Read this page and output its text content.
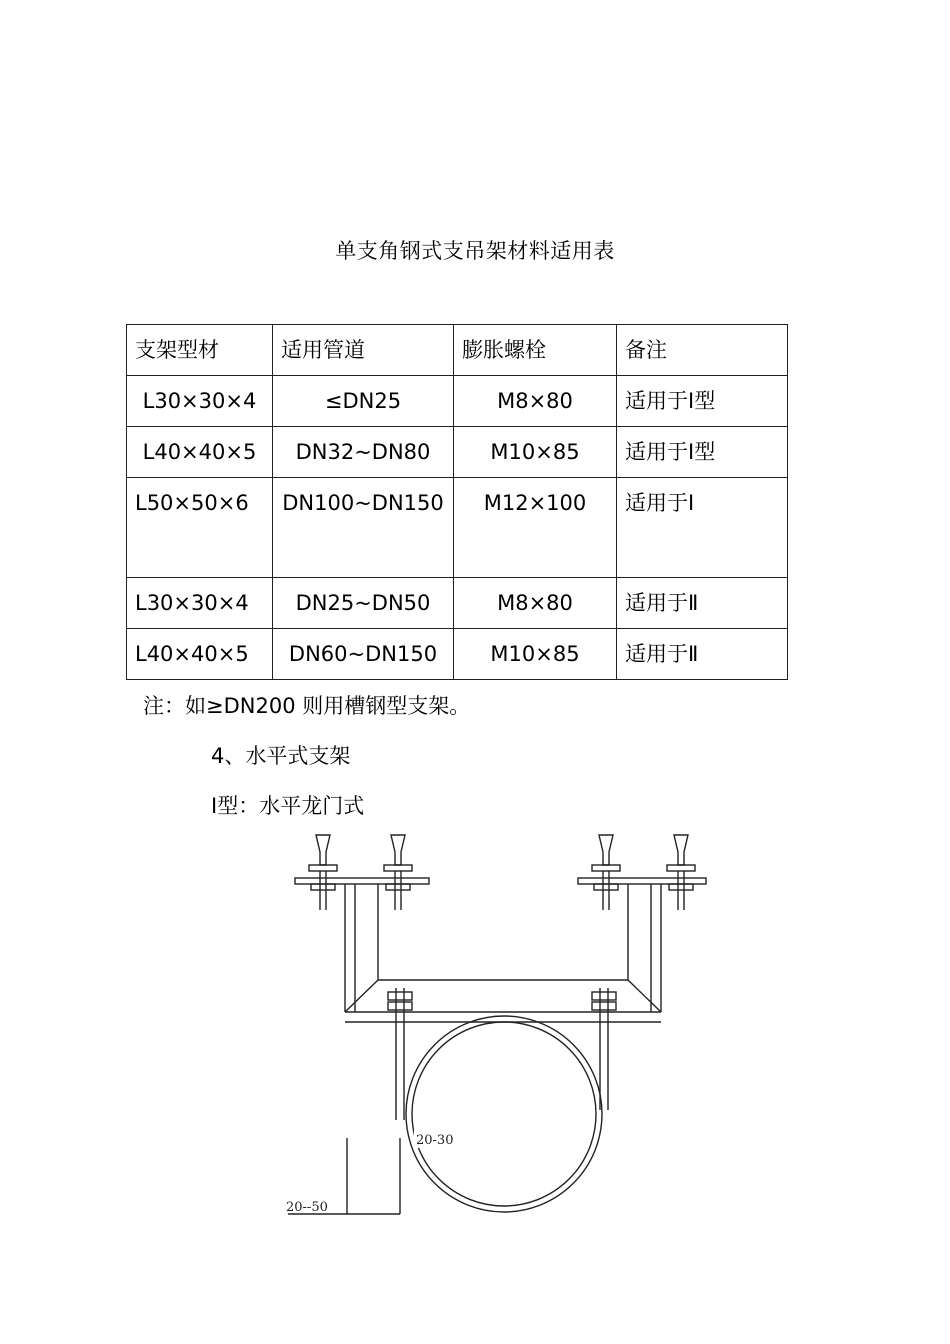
单支角钢式支吊架材料适用表
支架型材	适用管道	膨胀螺栓	备注
L30×30×4	≤DN25	M8×80	适用于Ⅰ型
L40×40×5	DN32~DN80	M10×85	适用于Ⅰ型
L50×50×6	DN100~DN150	M12×100	适用于Ⅰ
L30×30×4	DN25~DN50	M8×80	适用于Ⅱ
L40×40×5	DN60~DN150	M10×85	适用于Ⅱ
注：如≥DN200 则用槽钢型支架。
4、水平式支架
Ⅰ型：水平龙门式
20-30
20--50
